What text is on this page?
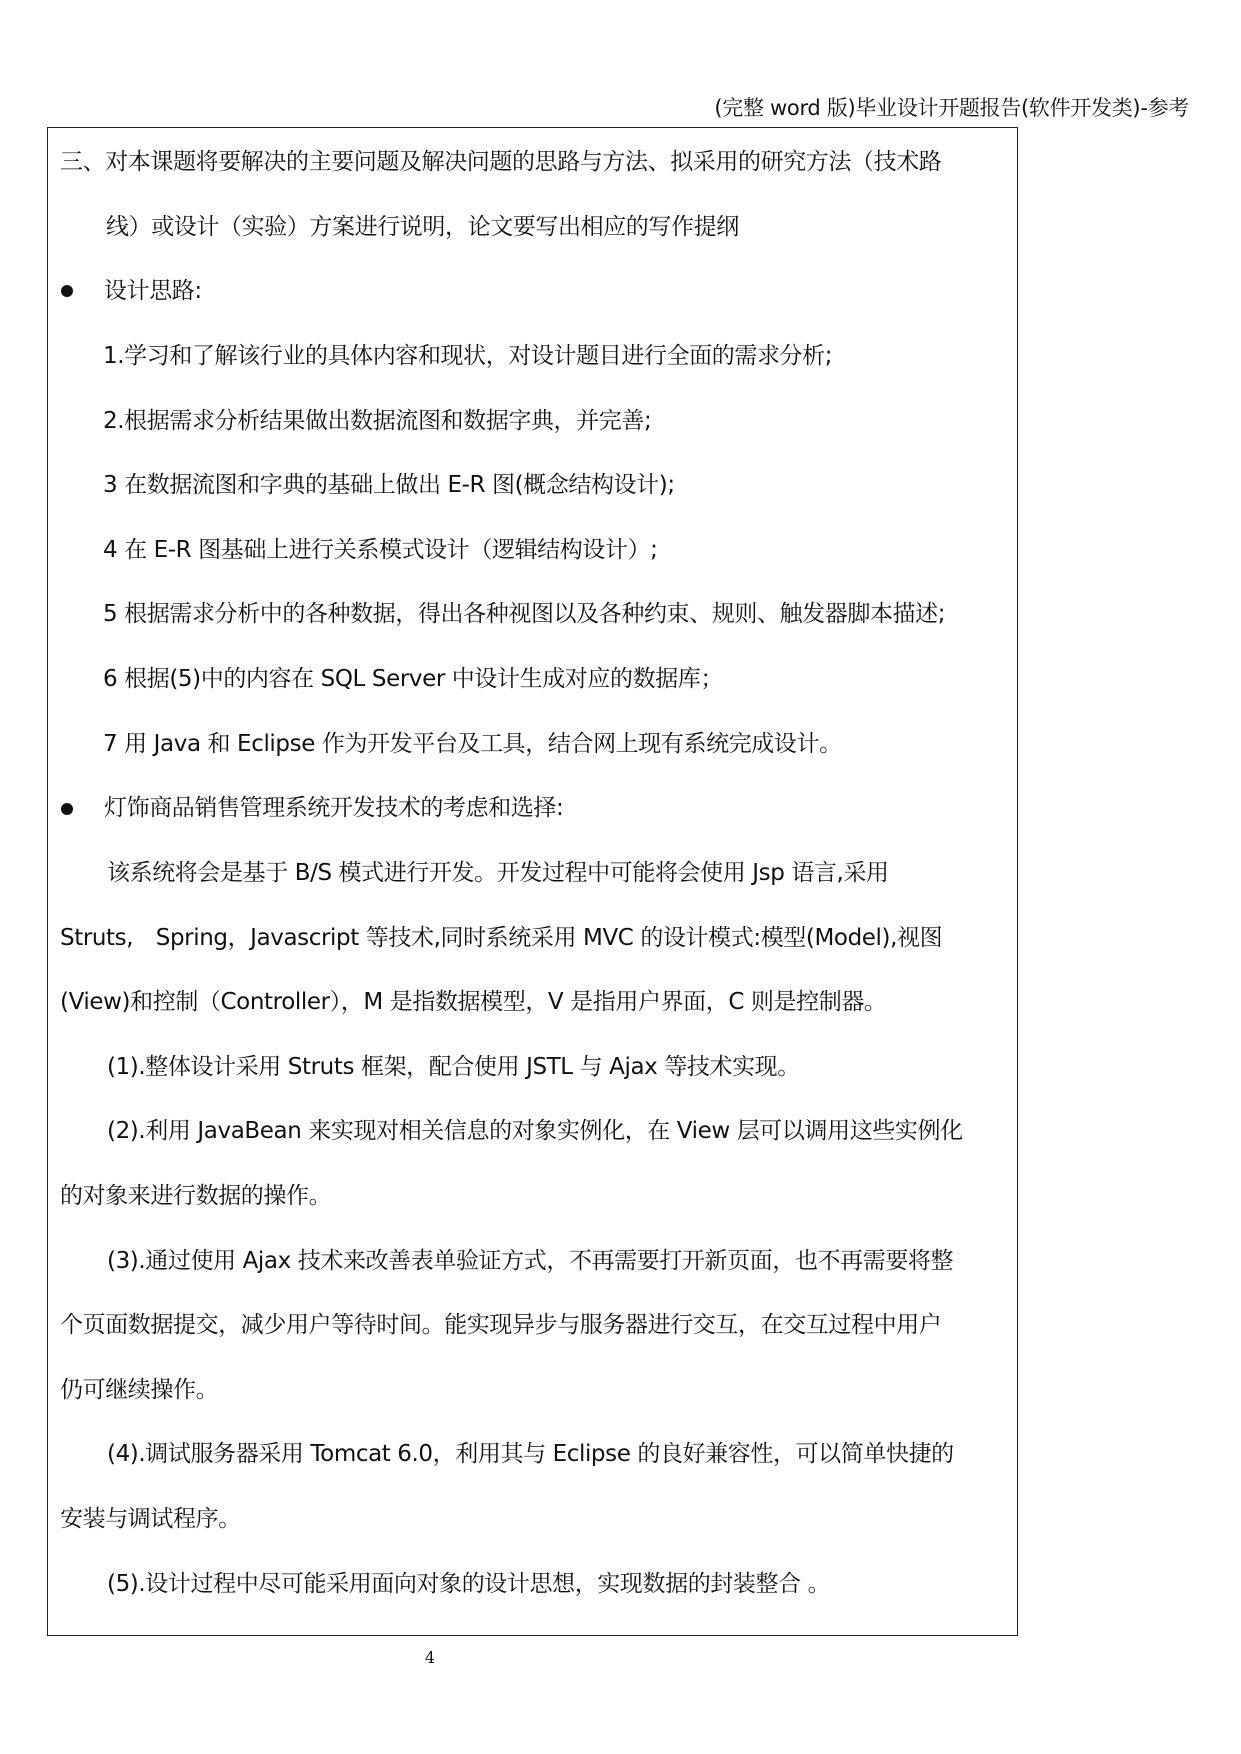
(完整 word 版)毕业设计开题报告(软件开发类)-参考
三、对本课题将要解决的主要问题及解决问题的思路与方法、拟采用的研究方法（技术路
线）或设计（实验）方案进行说明，论文要写出相应的写作提纲
设计思路:
1.学习和了解该行业的具体内容和现状，对设计题目进行全面的需求分析;
2.根据需求分析结果做出数据流图和数据字典，并完善;
3 在数据流图和字典的基础上做出 E-R 图(概念结构设计);
4 在 E-R 图基础上进行关系模式设计（逻辑结构设计）;
5 根据需求分析中的各种数据，得出各种视图以及各种约束、规则、触发器脚本描述;
6 根据(5)中的内容在 SQL Server 中设计生成对应的数据库；
7 用 Java 和 Eclipse 作为开发平台及工具，结合网上现有系统完成设计。
灯饰商品销售管理系统开发技术的考虑和选择:
该系统将会是基于 B/S 模式进行开发。开发过程中可能将会使用 Jsp 语言,采用
Struts,　Spring，Javascript 等技术,同时系统采用 MVC 的设计模式:模型(Model),视图
(View)和控制（Controller），M 是指数据模型，V 是指用户界面，C 则是控制器。
(1).整体设计采用 Struts 框架，配合使用 JSTL 与 Ajax 等技术实现。
(2).利用 JavaBean 来实现对相关信息的对象实例化，在 View 层可以调用这些实例化
的对象来进行数据的操作。
(3).通过使用 Ajax 技术来改善表单验证方式，不再需要打开新页面，也不再需要将整
个页面数据提交，减少用户等待时间。能实现异步与服务器进行交互，在交互过程中用户
仍可继续操作。
(4).调试服务器采用 Tomcat 6.0，利用其与 Eclipse 的良好兼容性，可以简单快捷的
安装与调试程序。
(5).设计过程中尽可能采用面向对象的设计思想，实现数据的封装整合 。
4
